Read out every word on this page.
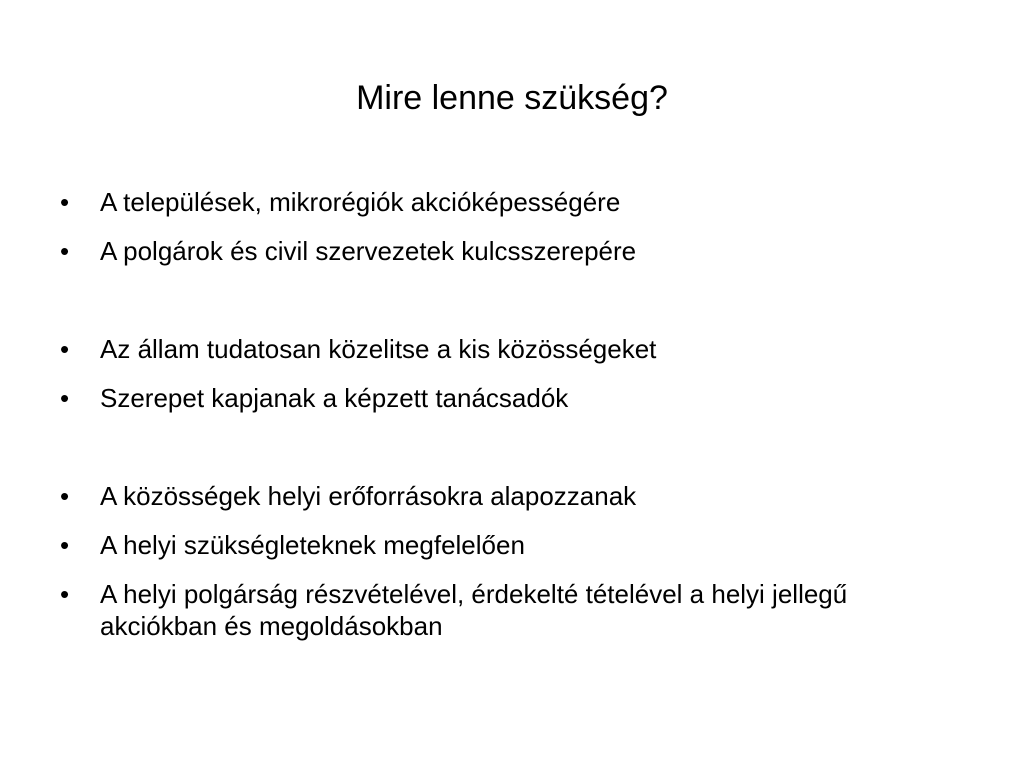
Mire lenne szükség?
•	A települések, mikrorégiók akcióképességére
•	A polgárok és civil szervezetek kulcsszerepére
•	Az állam tudatosan közelitse a kis közösségeket
•	Szerepet kapjanak a képzett tanácsadók
•	A közösségek helyi erőforrásokra alapozzanak
•	A helyi szükségleteknek megfelelően
•	A helyi polgárság részvételével, érdekelté tételével a helyi jellegű akciókban és megoldásokban
